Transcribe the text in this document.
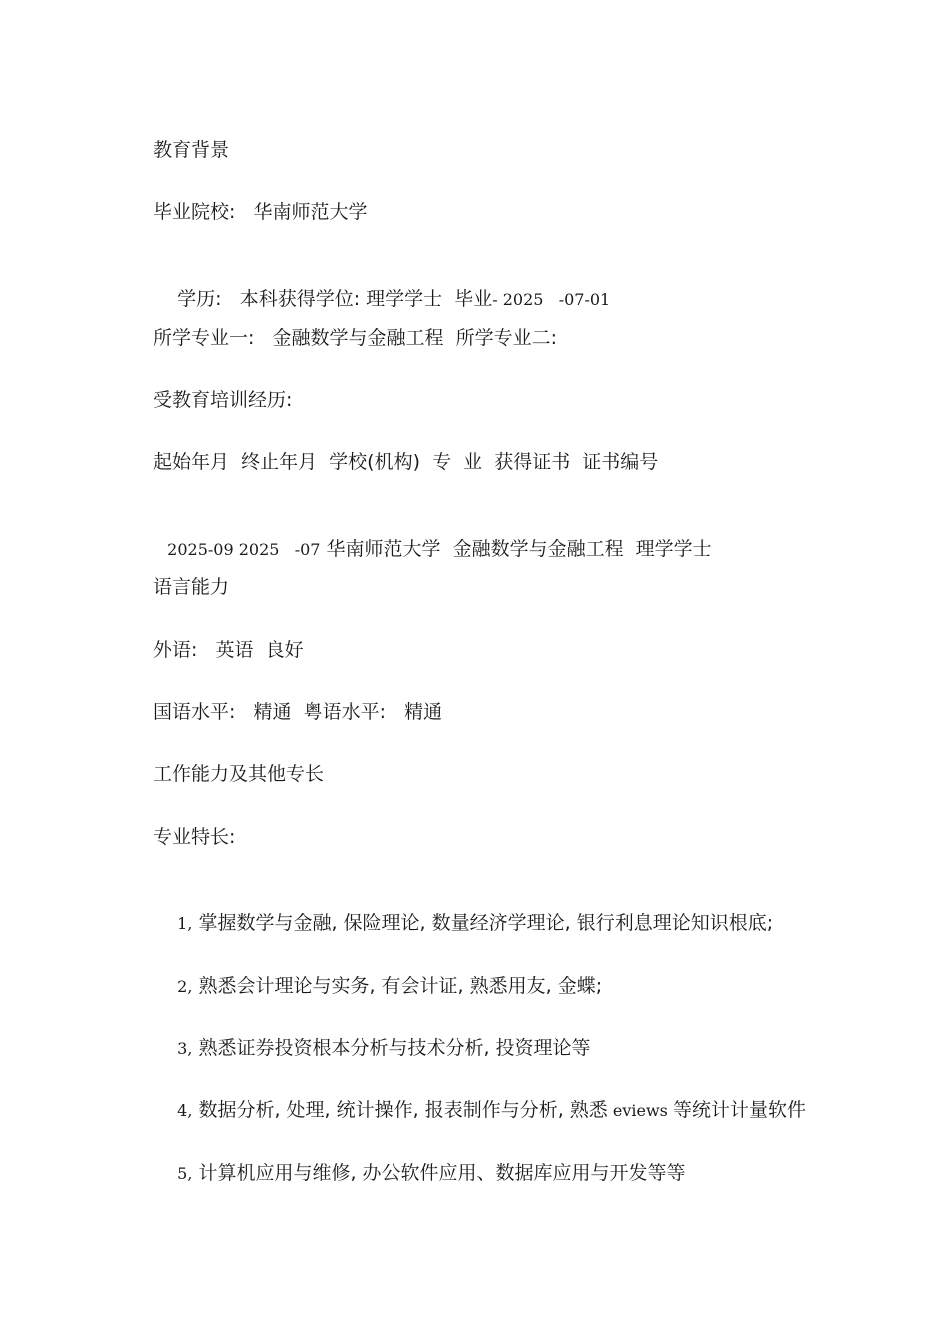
教育背景
毕业院校:   华南师范大学

学历:   本科获得学位: 理学学士  毕业- 2025   -07-01

所学专业一:   金融数学与金融工程  所学专业二:
受教育培训经历:
起始年月  终止年月  学校(机构)  专  业  获得证书  证书编号

2025-09 2025   -07 华南师范大学  金融数学与金融工程  理学学士

语言能力
外语:   英语  良好
国语水平:   精通  粤语水平:   精通
工作能力及其他专长
专业特长:

1, 掌握数学与金融, 保险理论, 数量经济学理论, 银行利息理论知识根底;

2, 熟悉会计理论与实务, 有会计证, 熟悉用友, 金蝶;

3, 熟悉证券投资根本分析与技术分析, 投资理论等

4, 数据分析, 处理, 统计操作, 报表制作与分析, 熟悉 eviews 等统计计量软件

5, 计算机应用与维修, 办公软件应用、数据库应用与开发等等
